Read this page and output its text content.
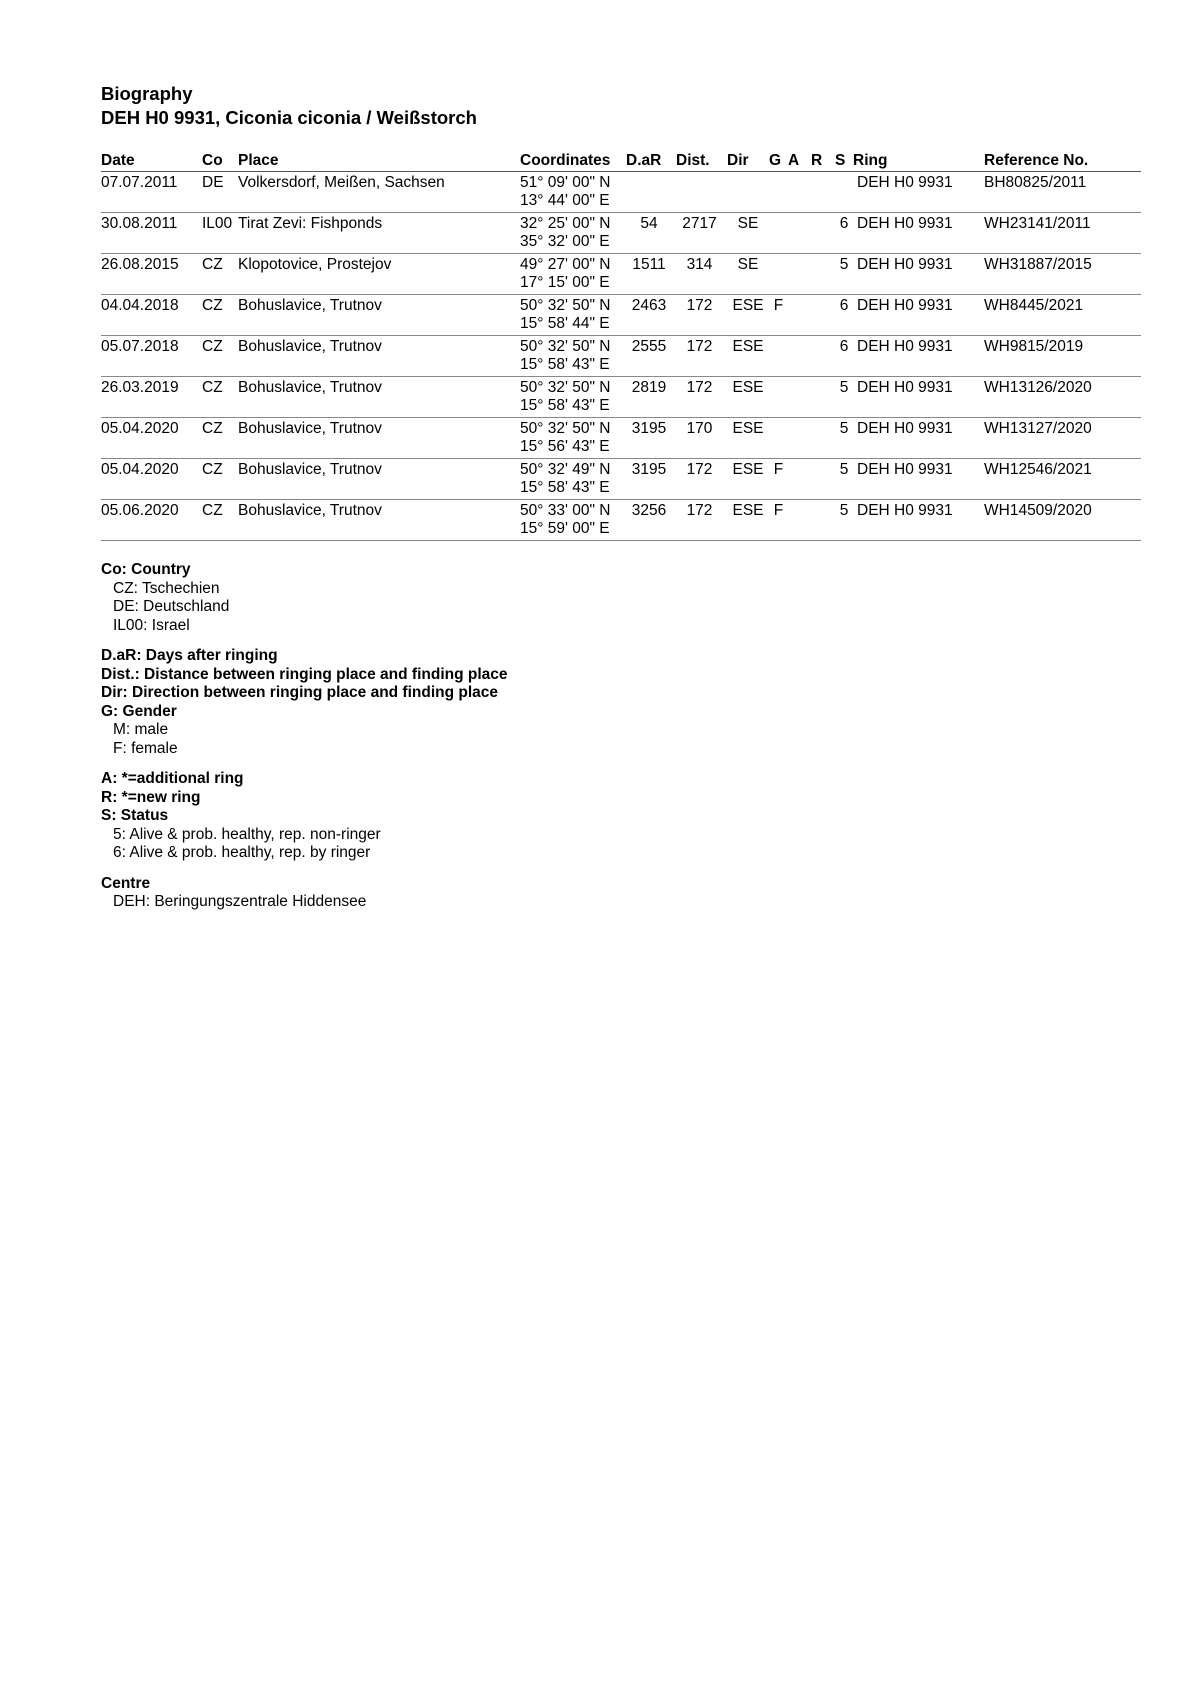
Biography
DEH H0 9931, Ciconia ciconia / Weißstorch
Date	Co	Place	Coordinates	D.aR	Dist.	Dir	G	A	R	S	Ring	Reference No.
07.07.2011	DE	Volkersdorf, Meißen, Sachsen	51° 09' 00" N
13° 44' 00" E								DEH H0 9931	BH80825/2011
30.08.2011	IL00	Tirat Zevi: Fishponds	32° 25' 00" N
35° 32' 00" E	54	2717	SE				6	DEH H0 9931	WH23141/2011
26.08.2015	CZ	Klopotovice, Prostejov	49° 27' 00" N
17° 15' 00" E	1511	314	SE				5	DEH H0 9931	WH31887/2015
04.04.2018	CZ	Bohuslavice, Trutnov	50° 32' 50" N
15° 58' 44" E	2463	172	ESE	F			6	DEH H0 9931	WH8445/2021
05.07.2018	CZ	Bohuslavice, Trutnov	50° 32' 50" N
15° 58' 43" E	2555	172	ESE				6	DEH H0 9931	WH9815/2019
26.03.2019	CZ	Bohuslavice, Trutnov	50° 32' 50" N
15° 58' 43" E	2819	172	ESE				5	DEH H0 9931	WH13126/2020
05.04.2020	CZ	Bohuslavice, Trutnov	50° 32' 50" N
15° 56' 43" E	3195	170	ESE				5	DEH H0 9931	WH13127/2020
05.04.2020	CZ	Bohuslavice, Trutnov	50° 32' 49" N
15° 58' 43" E	3195	172	ESE	F			5	DEH H0 9931	WH12546/2021
05.06.2020	CZ	Bohuslavice, Trutnov	50° 33' 00" N
15° 59' 00" E	3256	172	ESE	F			5	DEH H0 9931	WH14509/2020
Co: Country
CZ: Tschechien
DE: Deutschland
IL00: Israel
D.aR: Days after ringing
Dist.: Distance between ringing place and finding place
Dir: Direction between ringing place and finding place
G: Gender
M: male
F: female
A: *=additional ring
R: *=new ring
S: Status
5: Alive & prob. healthy, rep. non-ringer
6: Alive & prob. healthy, rep. by ringer
Centre
DEH: Beringungszentrale Hiddensee
